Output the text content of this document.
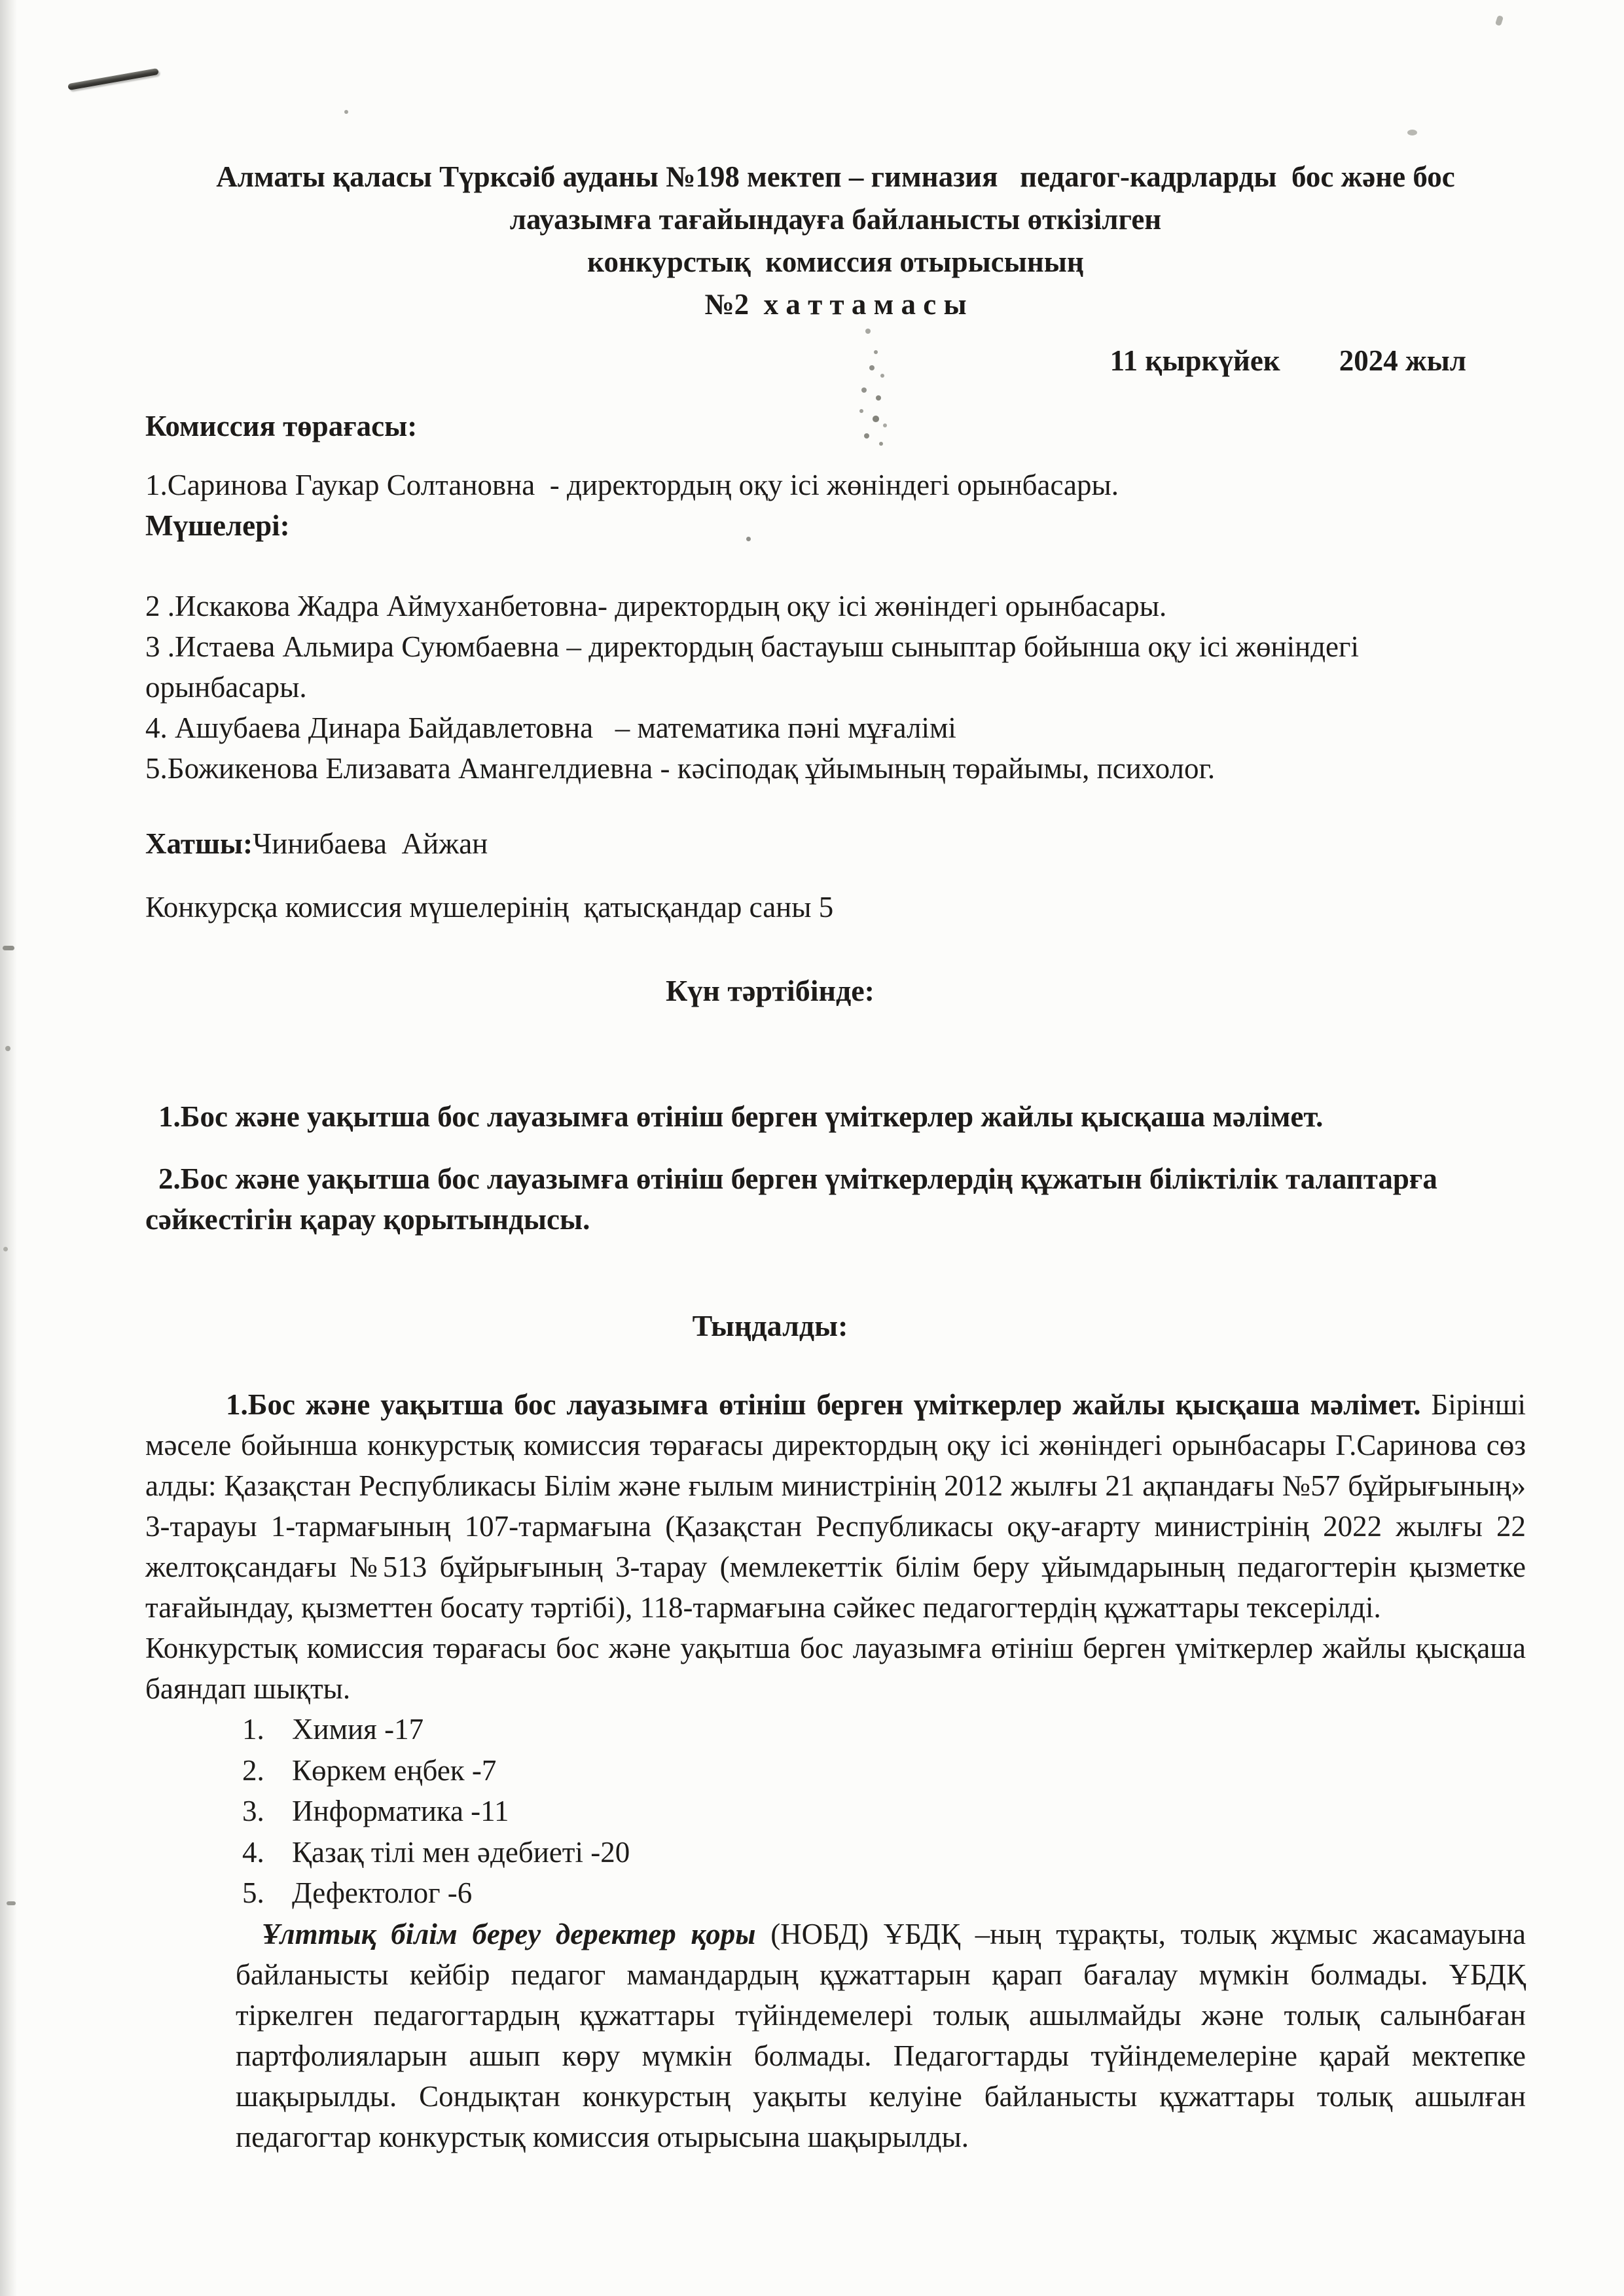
Алматы қаласы Түрксәіб ауданы №198 мектеп – гимназия   педагог-кадрларды  бос және бос
лауазымға тағайындауға байланысты өткізілген
конкурстық  комиссия отырысының
№2  х а т т а м а с ы
11 қыркүйек        2024 жыл

Комиссия төрағасы:

1.Саринова Гаукар Солтановна  - директордың оқу ісі жөніндегі орынбасары.

Мүшелері:

2 .Искакова Жадра Аймуханбетовна- директордың оқу ісі жөніндегі орынбасары.

3 .Истаева Альмира Суюмбаевна – директордың бастауыш сыныптар бойынша оқу ісі жөніндегі орынбасары.

4. Ашубаева Динара Байдавлетовна   – математика пәні мұғалімі

5.Божикенова Елизавата Амангелдиевна - кәсіподақ ұйымының төрайымы, психолог.

Хатшы:Чинибаева  Айжан

Конкурсқа комиссия мүшелерінің  қатысқандар саны 5

Күн тәртібінде:

1.Бос және уақытша бос лауазымға өтініш берген үміткерлер жайлы қысқаша мәлімет.

2.Бос және уақытша бос лауазымға өтініш берген үміткерлердің құжатын біліктілік талаптарға сәйкестігін қарау қорытындысы.

Тыңдалды:

1.Бос және уақытша бос лауазымға өтініш берген үміткерлер жайлы қысқаша мәлімет. Бірінші мәселе бойынша конкурстық комиссия төрағасы директордың оқу ісі жөніндегі орынбасары Г.Саринова сөз алды: Қазақстан Республикасы Білім және ғылым министрінің 2012 жылғы 21 ақпандағы №57 бұйрығының» 3-тарауы 1-тармағының 107-тармағына (Қазақстан Республикасы оқу-ағарту министрінің 2022 жылғы 22 желтоқсандағы №513 бұйрығының 3-тарау (мемлекеттік білім беру ұйымдарының педагогтерін қызметке тағайындау, қызметтен босату тәртібі), 118-тармағына сәйкес педагогтердің құжаттары тексерілді.

Конкурстық комиссия төрағасы бос және уақытша бос лауазымға өтініш берген үміткерлер жайлы қысқаша баяндап шықты.

1. Химия -17
2. Көркем еңбек -7
3. Информатика -11
4. Қазақ тілі мен әдебиеті -20
5. Дефектолог -6

Ұлттық білім береу деректер қоры (НОБД) ҰБДҚ –ның тұрақты, толық жұмыс жасамауына байланысты кейбір педагог мамандардың құжаттарын қарап бағалау мүмкін болмады. ҰБДҚ тіркелген педагогтардың құжаттары түйіндемелері толық ашылмайды және толық салынбаған партфолияларын ашып көру мүмкін болмады. Педагогтарды түйіндемелеріне қарай мектепке шақырылды. Сондықтан конкурстың уақыты келуіне байланысты құжаттары толық ашылған педагогтар конкурстық комиссия отырысына шақырылды.
